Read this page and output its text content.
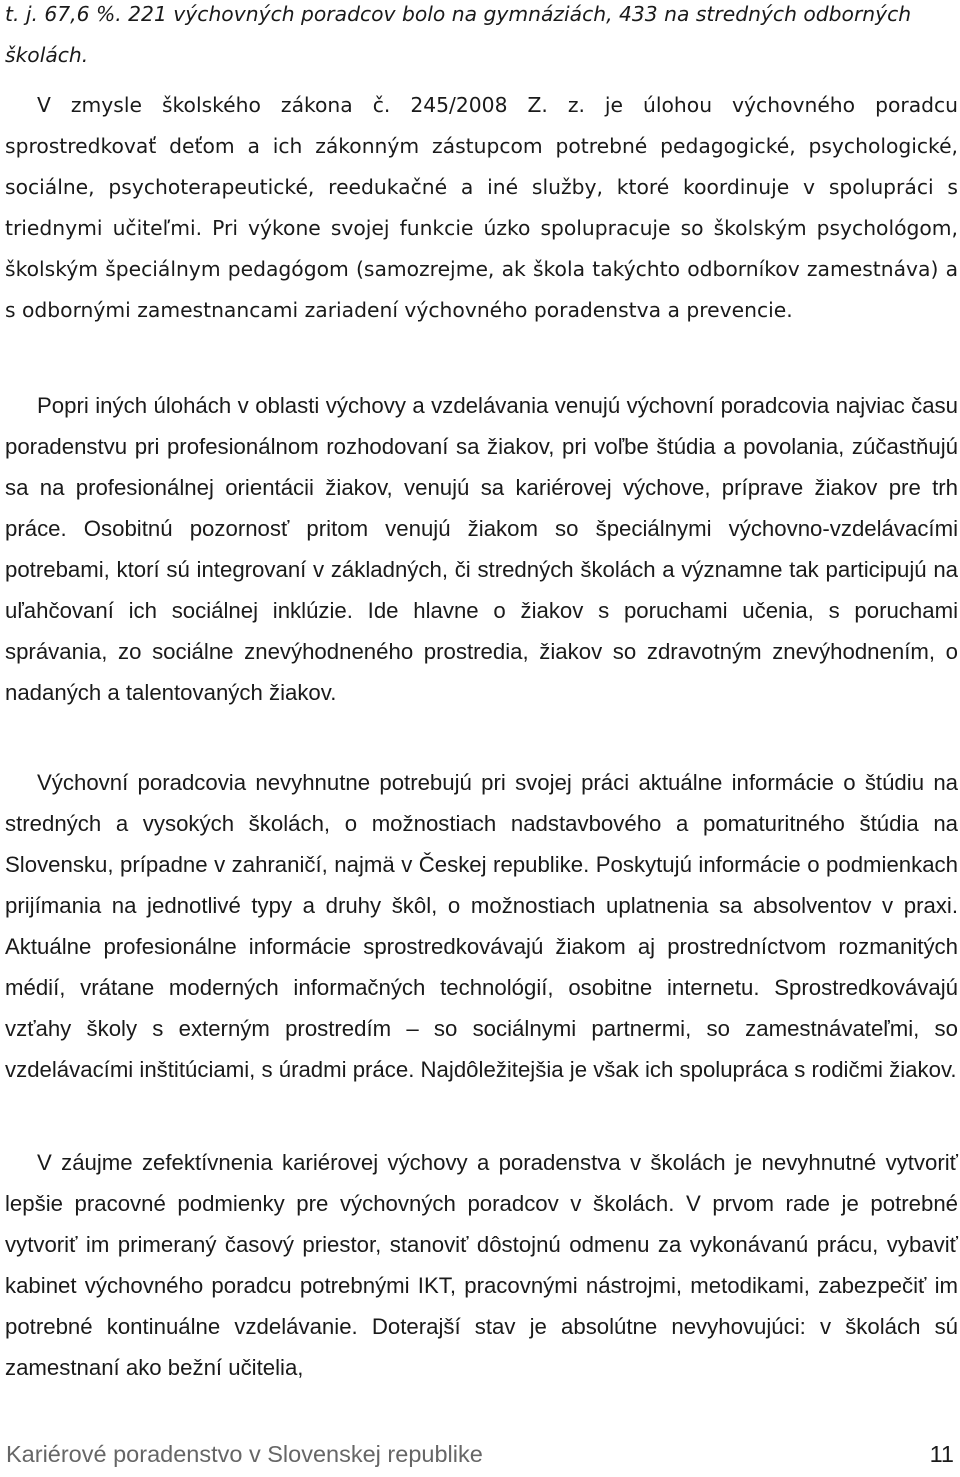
t. j. 67,6 %. 221 výchovných poradcov bolo na gymnáziách, 433 na stredných odborných školách.

V zmysle školského zákona č. 245/2008 Z. z. je úlohou výchovného poradcu sprostredkovať deťom a ich zákonným zástupcom potrebné pedagogické, psychologické, sociálne, psychoterapeutické, reedukačné a iné služby, ktoré koordinuje v spolupráci s triednymi učiteľmi. Pri výkone svojej funkcie úzko spolupracuje so školským psychológom, školským špeciálnym pedagógom (samozrejme, ak škola takýchto odborníkov zamestnáva) a s odbornými zamestnancami zariadení výchovného poradenstva a prevencie.

Popri iných úlohách v oblasti výchovy a vzdelávania venujú výchovní poradcovia najviac času poradenstvu pri profesionálnom rozhodovaní sa žiakov, pri voľbe štúdia a povolania, zúčastňujú sa na profesionálnej orientácii žiakov, venujú sa kariérovej výchove, príprave žiakov pre trh práce. Osobitnú pozornosť pritom venujú žiakom so špeciálnymi výchovno-vzdelávacími potrebami, ktorí sú integrovaní v základných, či stredných školách a významne tak participujú na uľahčovaní ich sociálnej inklúzie. Ide hlavne o žiakov s poruchami učenia, s poruchami správania, zo sociálne znevýhodneného prostredia, žiakov so zdravotným znevýhodnením, o nadaných a talentovaných žiakov.

Výchovní poradcovia nevyhnutne potrebujú pri svojej práci aktuálne informácie o štúdiu na stredných a vysokých školách, o možnostiach nadstavbového a pomaturitného štúdia na Slovensku, prípadne v zahraničí, najmä v Českej republike. Poskytujú informácie o podmienkach prijímania na jednotlivé typy a druhy škôl, o možnostiach uplatnenia sa absolventov v praxi. Aktuálne profesionálne informácie sprostredkovávajú žiakom aj prostredníctvom rozmanitých médií, vrátane moderných informačných technológií, osobitne internetu. Sprostredkovávajú vzťahy školy s externým prostredím – so sociálnymi partnermi, so zamestnávateľmi, so vzdelávacími inštitúciami, s úradmi práce. Najdôležitejšia je však ich spolupráca s rodičmi žiakov.

V záujme zefektívnenia kariérovej výchovy a poradenstva v školách je nevyhnutné vytvoriť lepšie pracovné podmienky pre výchovných poradcov v školách. V prvom rade je potrebné vytvoriť im primeraný časový priestor, stanoviť dôstojnú odmenu za vykonávanú prácu, vybaviť kabinet výchovného poradcu potrebnými IKT, pracovnými nástrojmi, metodikami, zabezpečiť im potrebné kontinuálne vzdelávanie. Doterajší stav je absolútne nevyhovujúci: v školách sú zamestnaní ako bežní učitelia,

Kariérové poradenstvo v Slovenskej republike	11
